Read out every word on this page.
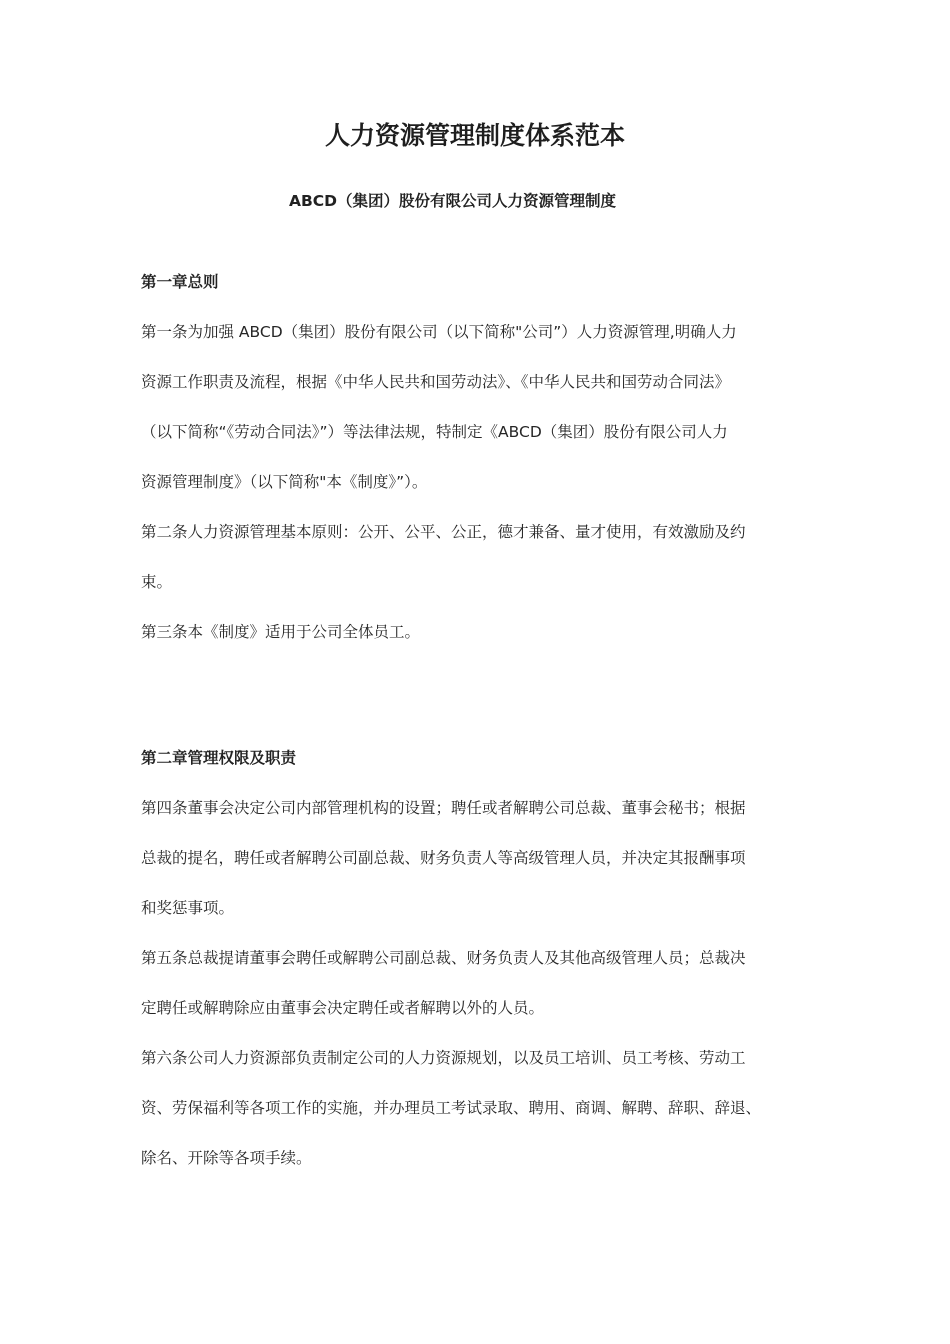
人力资源管理制度体系范本
ABCD（集团）股份有限公司人力资源管理制度
第一章总则
第一条为加强 ABCD（集团）股份有限公司（以下简称"公司”）人力资源管理,明确人力
资源工作职责及流程，根据《中华人民共和国劳动法》、《中华人民共和国劳动合同法》
（以下简称“《劳动合同法》”）等法律法规，特制定《ABCD（集团）股份有限公司人力
资源管理制度》（以下简称"本《制度》”）。
第二条人力资源管理基本原则：公开、公平、公正，德才兼备、量才使用，有效激励及约
束。
第三条本《制度》适用于公司全体员工。
第二章管理权限及职责
第四条董事会决定公司内部管理机构的设置；聘任或者解聘公司总裁、董事会秘书；根据
总裁的提名，聘任或者解聘公司副总裁、财务负责人等高级管理人员，并决定其报酬事项
和奖惩事项。
第五条总裁提请董事会聘任或解聘公司副总裁、财务负责人及其他高级管理人员；总裁决
定聘任或解聘除应由董事会决定聘任或者解聘以外的人员。
第六条公司人力资源部负责制定公司的人力资源规划，以及员工培训、员工考核、劳动工
资、劳保福利等各项工作的实施，并办理员工考试录取、聘用、商调、解聘、辞职、辞退、
除名、开除等各项手续。
